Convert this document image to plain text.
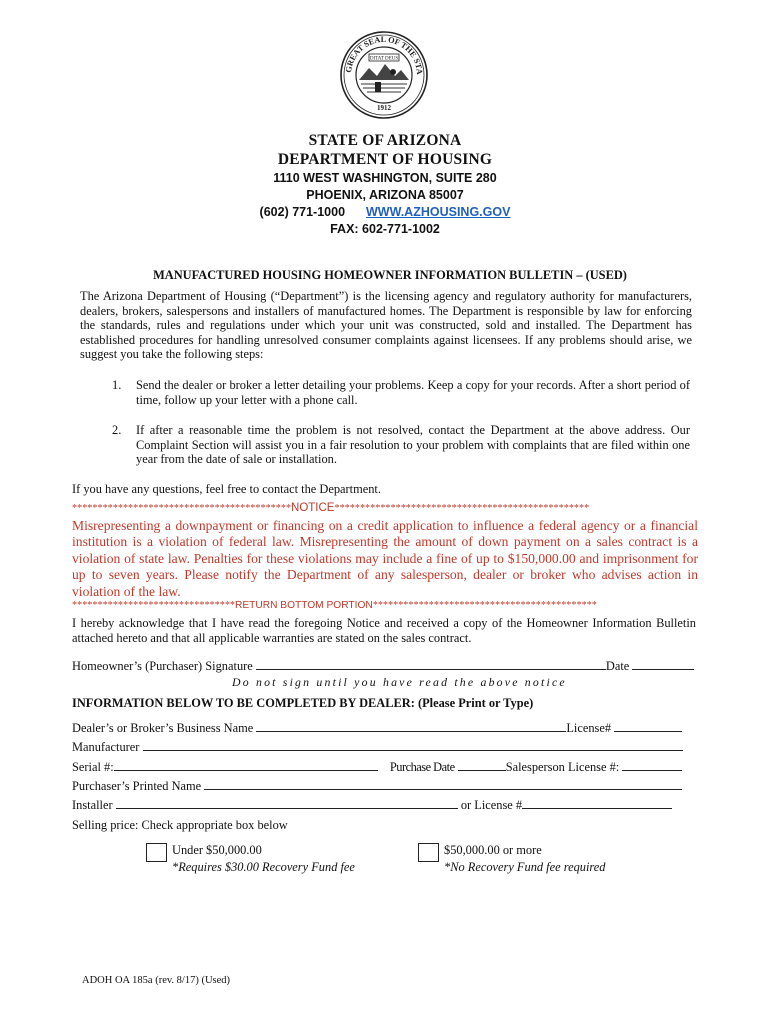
GREAT SEAL OF THE STA
DITAT DEUS
1912
STATE OF ARIZONA
DEPARTMENT OF HOUSING
1110 WEST WASHINGTON, SUITE 280
PHOENIX, ARIZONA 85007
(602) 771-1000 WWW.AZHOUSING.GOV
FAX: 602-771-1002
MANUFACTURED HOUSING HOMEOWNER INFORMATION BULLETIN – (USED)
The Arizona Department of Housing (“Department”) is the licensing agency and regulatory authority for manufacturers, dealers, brokers, salespersons and installers of manufactured homes. The Department is responsible by law for enforcing the standards, rules and regulations under which your unit was constructed, sold and installed. The Department has established procedures for handling unresolved consumer complaints against licensees. If any problems should arise, we suggest you take the following steps:
1. Send the dealer or broker a letter detailing your problems. Keep a copy for your records. After a short period of time, follow up your letter with a phone call.
2. If after a reasonable time the problem is not resolved, contact the Department at the above address. Our Complaint Section will assist you in a fair resolution to your problem with complaints that are filed within one year from the date of sale or installation.
If you have any questions, feel free to contact the Department.
*******************************************NOTICE**************************************************
Misrepresenting a downpayment or financing on a credit application to influence a federal agency or a financial institution is a violation of federal law. Misrepresenting the amount of down payment on a sales contract is a violation of state law. Penalties for these violations may include a fine of up to $150,000.00 and imprisonment for up to seven years. Please notify the Department of any salesperson, dealer or broker who advises action in violation of the law.
********************************RETURN BOTTOM PORTION********************************************
I hereby acknowledge that I have read the foregoing Notice and received a copy of the Homeowner Information Bulletin attached hereto and that all applicable warranties are stated on the sales contract.
Homeowner’s (Purchaser) Signature	Date
Do not sign until you have read the above notice
INFORMATION BELOW TO BE COMPLETED BY DEALER: (Please Print or Type)
Dealer’s or Broker’s Business Name	License#
Manufacturer
Serial #:	Purchase Date	Salesperson License #:
Purchaser’s Printed Name
Installer	or License #
Selling price: Check appropriate box below
Under $50,000.00
*Requires $30.00 Recovery Fund fee
$50,000.00 or more
*No Recovery Fund fee required
ADOH OA 185a (rev. 8/17) (Used)
